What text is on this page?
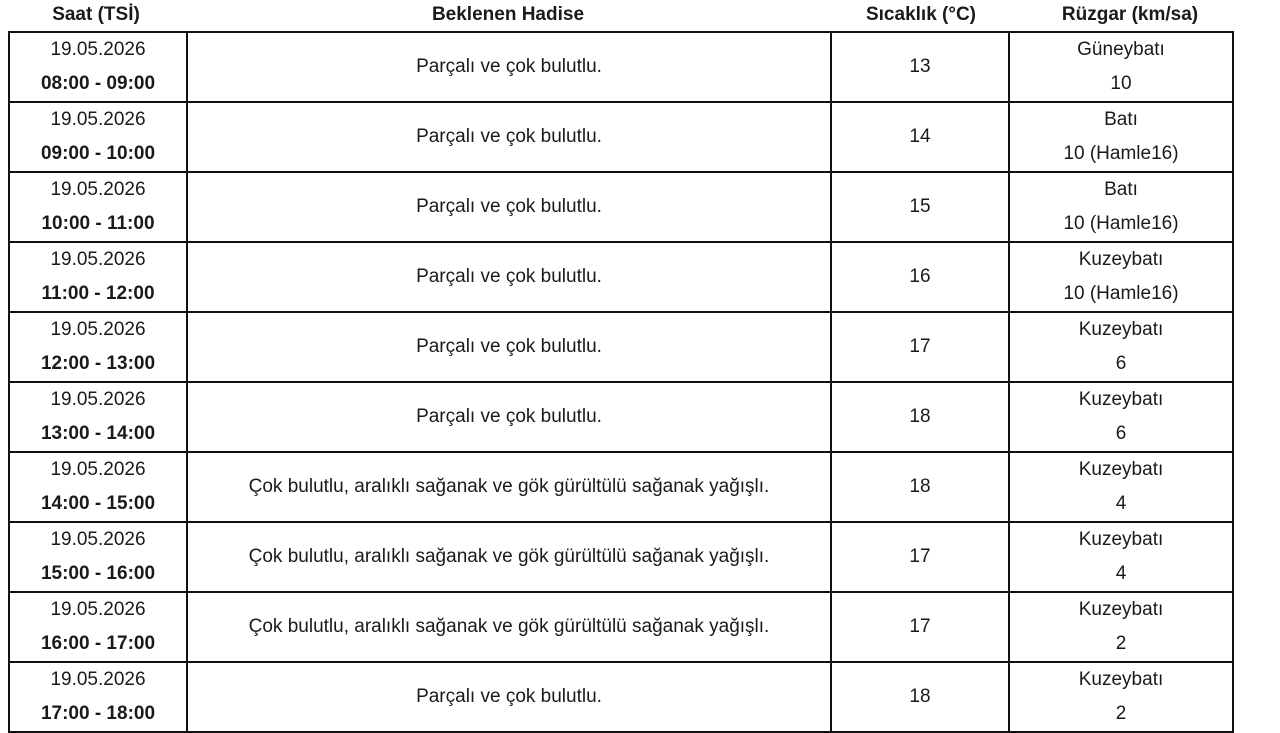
Saat (TSİ)	Beklenen Hadise	Sıcaklık (°C)	Rüzgar (km/sa)
19.05.2026
08:00 - 09:00	Parçalı ve çok bulutlu.	13	Güneybatı
10

19.05.2026
09:00 - 10:00	Parçalı ve çok bulutlu.	14	Batı
10 (Hamle16)

19.05.2026
10:00 - 11:00	Parçalı ve çok bulutlu.	15	Batı
10 (Hamle16)

19.05.2026
11:00 - 12:00	Parçalı ve çok bulutlu.	16	Kuzeybatı
10 (Hamle16)

19.05.2026
12:00 - 13:00	Parçalı ve çok bulutlu.	17	Kuzeybatı
6

19.05.2026
13:00 - 14:00	Parçalı ve çok bulutlu.	18	Kuzeybatı
6

19.05.2026
14:00 - 15:00	Çok bulutlu, aralıklı sağanak ve gök gürültülü sağanak yağışlı.	18	Kuzeybatı
4

19.05.2026
15:00 - 16:00	Çok bulutlu, aralıklı sağanak ve gök gürültülü sağanak yağışlı.	17	Kuzeybatı
4

19.05.2026
16:00 - 17:00	Çok bulutlu, aralıklı sağanak ve gök gürültülü sağanak yağışlı.	17	Kuzeybatı
2

19.05.2026
17:00 - 18:00	Parçalı ve çok bulutlu.	18	Kuzeybatı
2
